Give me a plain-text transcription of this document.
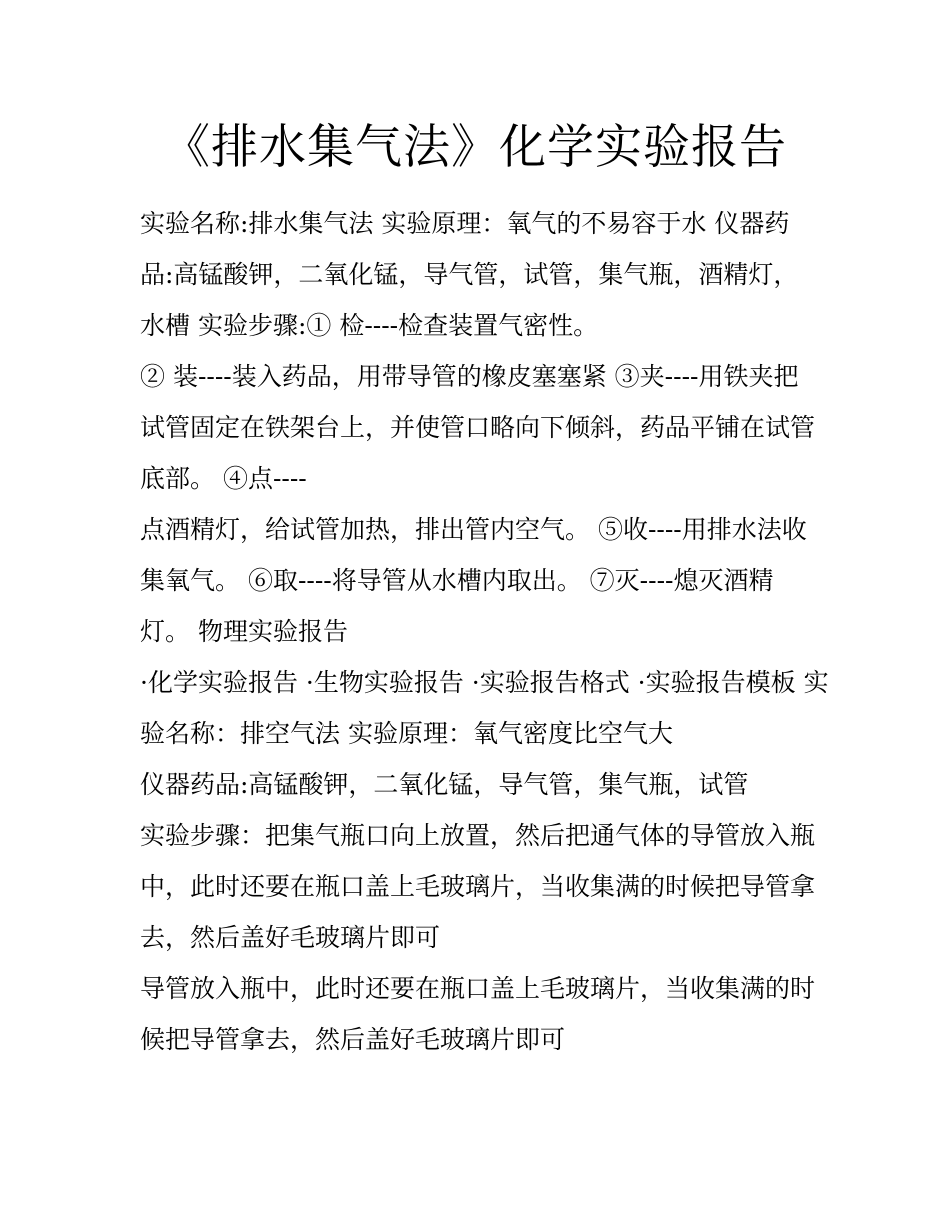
《排水集气法》化学实验报告
实验名称:排水集气法 实验原理：氧气的不易容于水 仪器药
品:高锰酸钾，二氧化锰，导气管，试管，集气瓶，酒精灯，
水槽 实验步骤:① 检----检查装置气密性。
② 装----装入药品，用带导管的橡皮塞塞紧 ③夹----用铁夹把
试管固定在铁架台上，并使管口略向下倾斜，药品平铺在试管
底部。 ④点----
点酒精灯，给试管加热，排出管内空气。 ⑤收----用排水法收
集氧气。 ⑥取----将导管从水槽内取出。 ⑦灭----熄灭酒精
灯。 物理实验报告
·化学实验报告 ·生物实验报告 ·实验报告格式 ·实验报告模板 实
验名称：排空气法 实验原理：氧气密度比空气大
仪器药品:高锰酸钾，二氧化锰，导气管，集气瓶，试管
实验步骤：把集气瓶口向上放置，然后把通气体的导管放入瓶
中，此时还要在瓶口盖上毛玻璃片，当收集满的时候把导管拿
去，然后盖好毛玻璃片即可
导管放入瓶中，此时还要在瓶口盖上毛玻璃片，当收集满的时
候把导管拿去，然后盖好毛玻璃片即可
